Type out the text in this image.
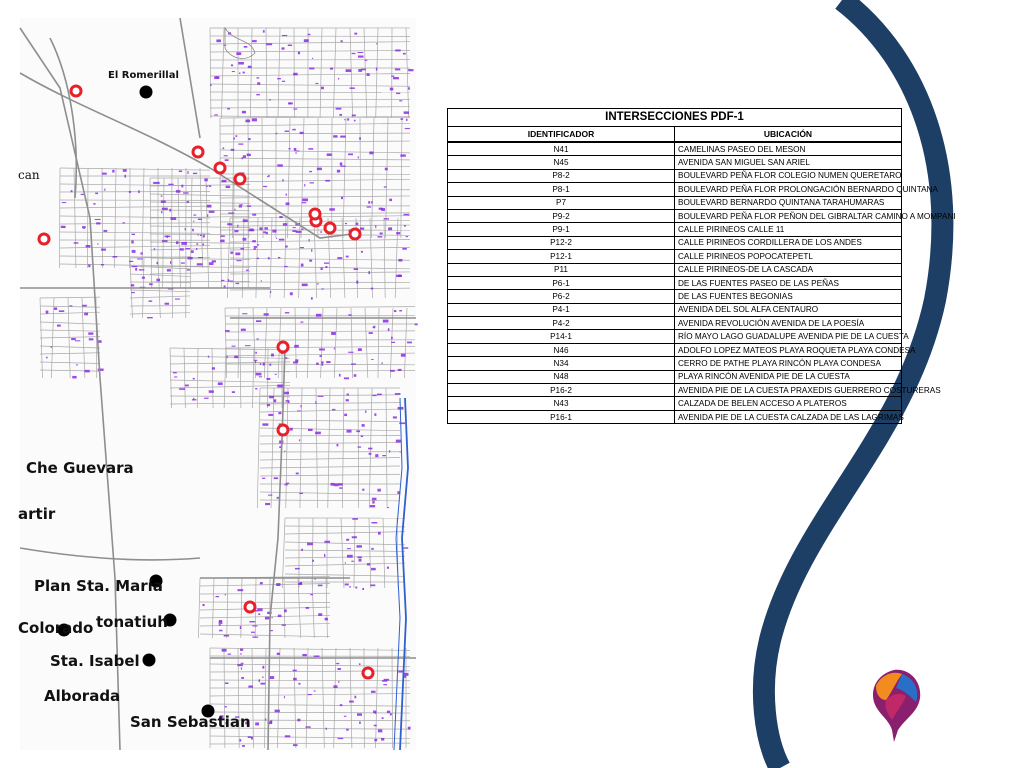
El Romerillal
can
Che Guevara
artir
Plan Sta. María
tonatiuh
Colorado
Sta. Isabel
Alborada
San Sebastian
INTERSECCIONES PDF-1	
IDENTIFICADOR	UBICACIÓN
N41	CAMELINAS PASEO DEL MESON
N45	AVENIDA SAN MIGUEL SAN ARIEL
P8-2	BOULEVARD PEÑA FLOR COLEGIO NUMEN QUERETARO
P8-1	BOULEVARD PEÑA FLOR PROLONGACIÓN BERNARDO QUINTANA
P7	BOULEVARD BERNARDO QUINTANA TARAHUMARAS
P9-2	BOULEVARD PEÑA FLOR PEÑON DEL GIBRALTAR CAMINO A MOMPANI
P9-1	CALLE PIRINEOS CALLE 11
P12-2	CALLE PIRINEOS CORDILLERA DE LOS ANDES
P12-1	CALLE PIRINEOS POPOCATEPETL
P11	CALLE PIRINEOS-DE LA CASCADA
P6-1	DE LAS FUENTES PASEO DE LAS PEÑAS
P6-2	DE LAS FUENTES BEGONIAS
P4-1	AVENIDA DEL SOL ALFA CENTAURO
P4-2	AVENIDA REVOLUCIÓN AVENIDA DE LA POESÍA
P14-1	RÍO MAYO LAGO GUADALUPE AVENIDA PIE DE LA CUESTA
N46	ADOLFO LOPEZ MATEOS PLAYA ROQUETA PLAYA CONDESA
N34	CERRO DE PATHE PLAYA RINCÓN PLAYA CONDESA
N48	PLAYA RINCÓN AVENIDA PIE DE LA CUESTA
P16-2	AVENIDA PIE DE LA CUESTA PRAXEDIS GUERRERO COSTURERAS
N43	CALZADA DE BELEN ACCESO A PLATEROS
P16-1	AVENIDA PIE DE LA CUESTA CALZADA DE LAS LAGRIMAS
